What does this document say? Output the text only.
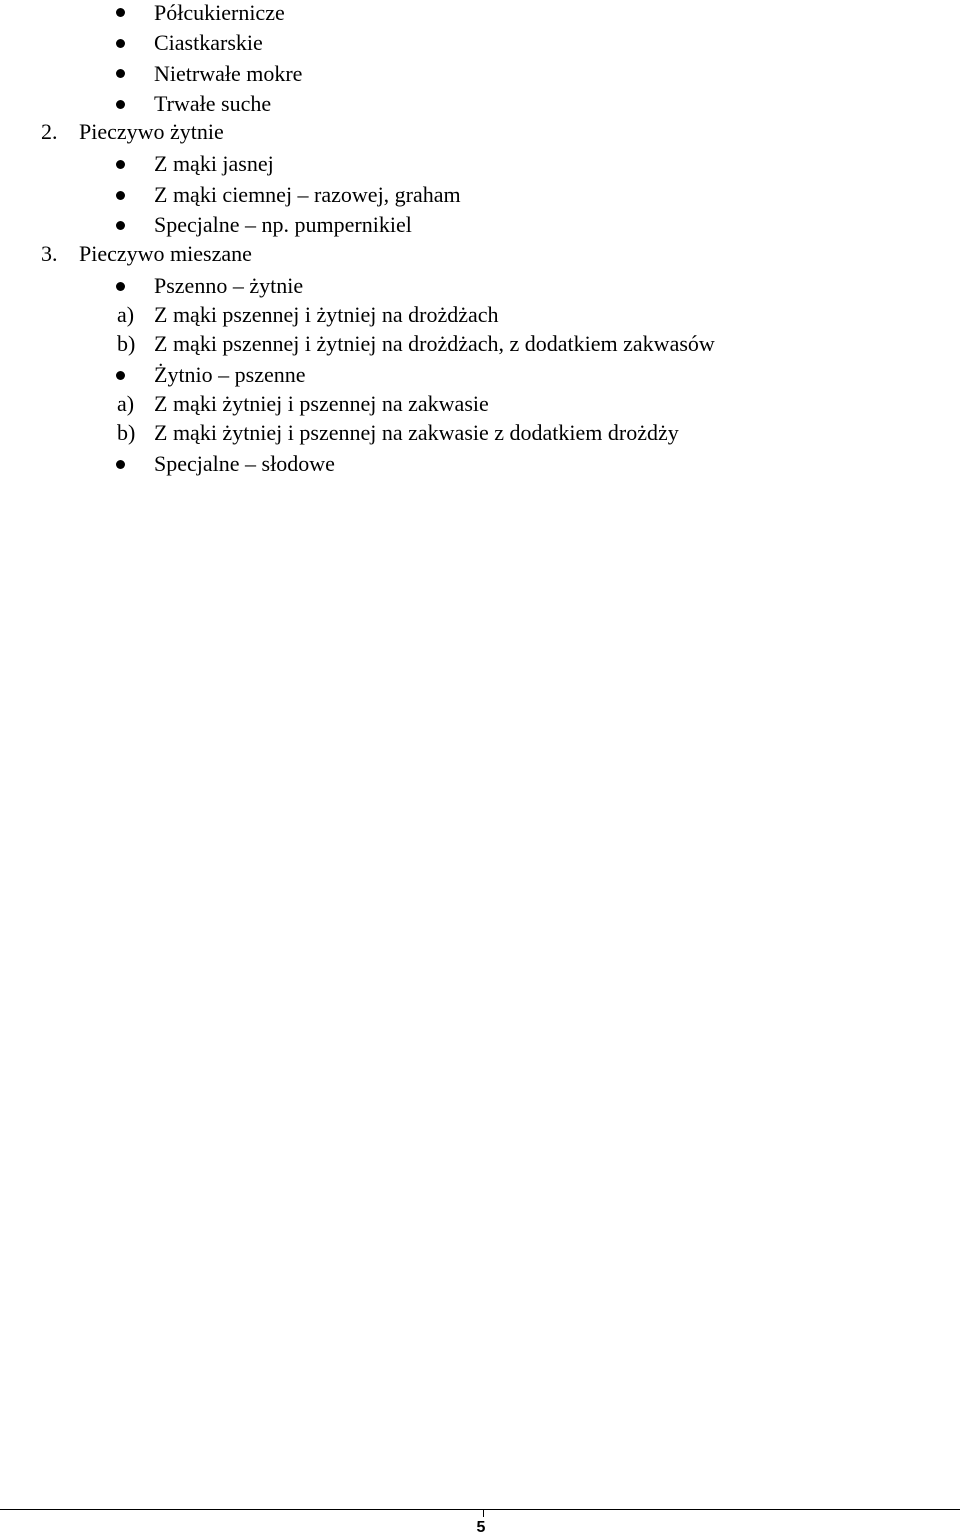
Półcukiernicze
Ciastkarskie
Nietrwałe mokre
Trwałe suche
2. Pieczywo żytnie
Z mąki jasnej
Z mąki ciemnej – razowej, graham
Specjalne – np. pumpernikiel
3. Pieczywo mieszane
Pszenno – żytnie
a) Z mąki pszennej i żytniej na drożdżach
b) Z mąki pszennej i żytniej na drożdżach, z dodatkiem zakwasów
Żytnio – pszenne
a) Z mąki żytniej i pszennej na zakwasie
b) Z mąki żytniej i pszennej na zakwasie z dodatkiem drożdży
Specjalne – słodowe
5
